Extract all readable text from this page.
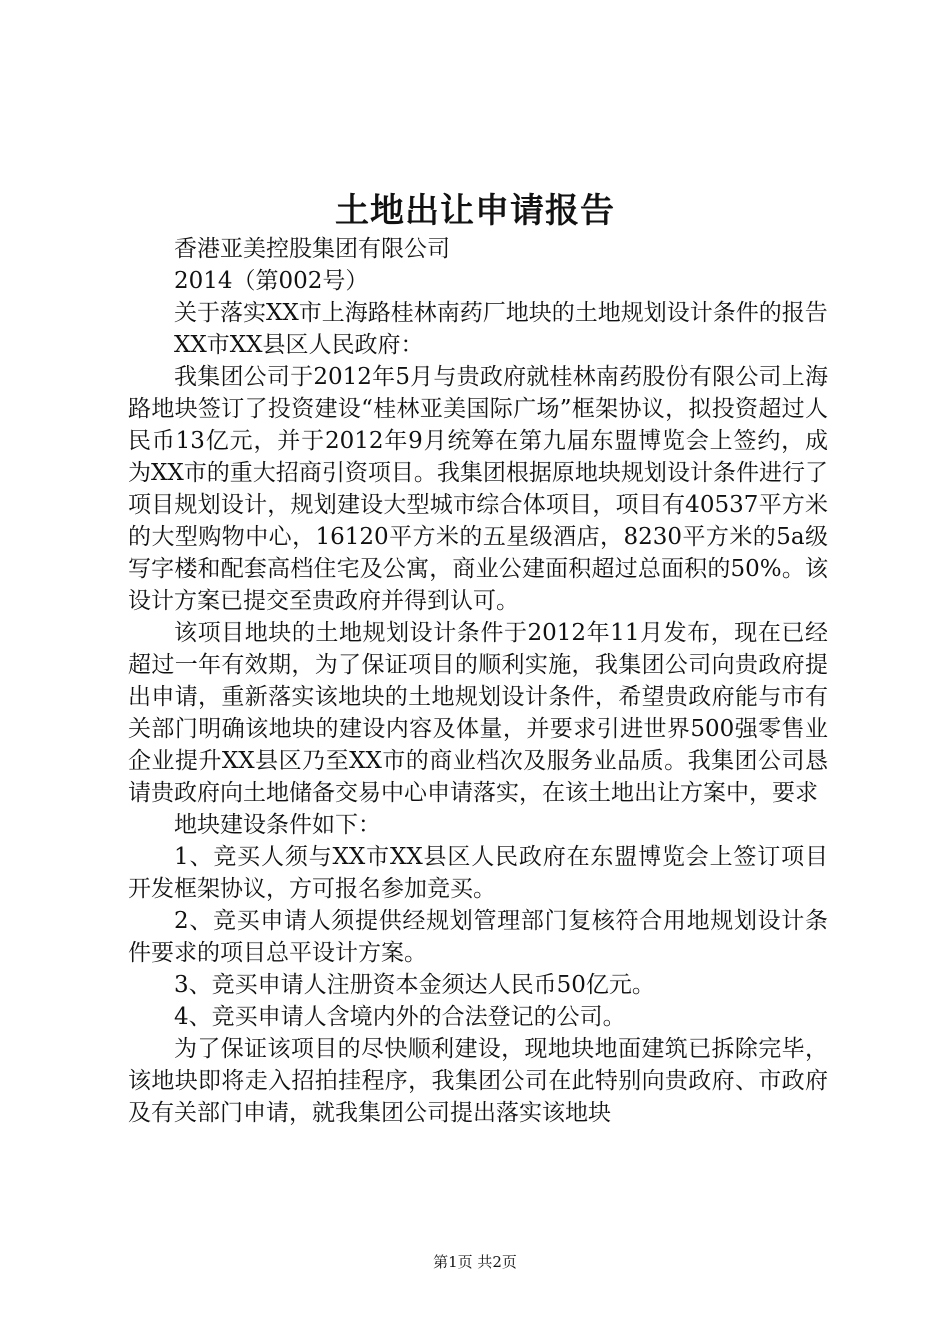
土地出让申请报告

香港亚美控股集团有限公司

2014（第002号）

关于落实XX市上海路桂林南药厂地块的土地规划设计条件的报告

XX市XX县区人民政府：

我集团公司于2012年5月与贵政府就桂林南药股份有限公司上海路地块签订了投资建设“桂林亚美国际广场”框架协议，拟投资超过人民币13亿元，并于2012年9月统筹在第九届东盟博览会上签约，成为XX市的重大招商引资项目。我集团根据原地块规划设计条件进行了项目规划设计，规划建设大型城市综合体项目，项目有40537平方米的大型购物中心，16120平方米的五星级酒店，8230平方米的5a级写字楼和配套高档住宅及公寓，商业公建面积超过总面积的50%。该设计方案已提交至贵政府并得到认可。

该项目地块的土地规划设计条件于2012年11月发布，现在已经超过一年有效期，为了保证项目的顺利实施，我集团公司向贵政府提出申请，重新落实该地块的土地规划设计条件，希望贵政府能与市有关部门明确该地块的建设内容及体量，并要求引进世界500强零售业企业提升XX县区乃至XX市的商业档次及服务业品质。我集团公司恳请贵政府向土地储备交易中心申请落实，在该土地出让方案中，要求

地块建设条件如下：

1、竞买人须与XX市XX县区人民政府在东盟博览会上签订项目开发框架协议，方可报名参加竞买。

2、竞买申请人须提供经规划管理部门复核符合用地规划设计条件要求的项目总平设计方案。

3、竞买申请人注册资本金须达人民币50亿元。

4、竞买申请人含境内外的合法登记的公司。

为了保证该项目的尽快顺利建设，现地块地面建筑已拆除完毕，该地块即将走入招拍挂程序，我集团公司在此特别向贵政府、市政府及有关部门申请，就我集团公司提出落实该地块

第1页 共2页
